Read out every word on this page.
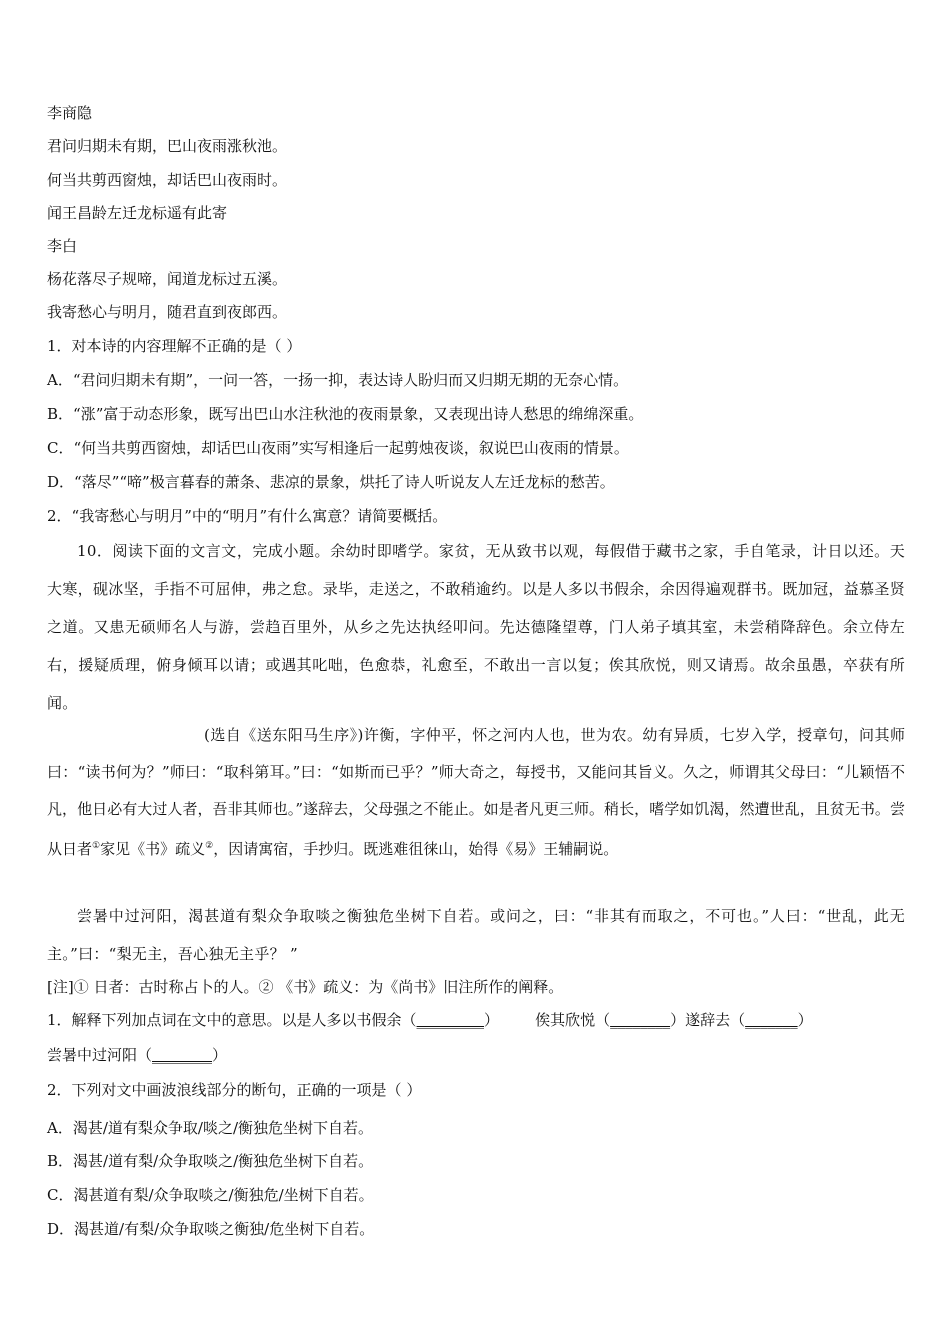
李商隐
君问归期未有期，巴山夜雨涨秋池。
何当共剪西窗烛，却话巴山夜雨时。
闻王昌龄左迁龙标遥有此寄
李白
杨花落尽子规啼，闻道龙标过五溪。
我寄愁心与明月，随君直到夜郎西。
1．对本诗的内容理解不正确的是（ ）
A．“君问归期未有期”，一问一答，一扬一抑，表达诗人盼归而又归期无期的无奈心情。
B．“涨”富于动态形象，既写出巴山水注秋池的夜雨景象，又表现出诗人愁思的绵绵深重。
C．“何当共剪西窗烛，却话巴山夜雨”实写相逢后一起剪烛夜谈，叙说巴山夜雨的情景。
D．“落尽”“啼”极言暮春的萧条、悲凉的景象，烘托了诗人听说友人左迁龙标的愁苦。
2．“我寄愁心与明月”中的“明月”有什么寓意？请简要概括。
10．阅读下面的文言文，完成小题。余幼时即嗜学。家贫，无从致书以观，每假借于藏书之家，手自笔录，计日以还。天大寒，砚冰坚，手指不可屈伸，弗之怠。录毕，走送之，不敢稍逾约。以是人多以书假余，余因得遍观群书。既加冠，益慕圣贤之道。又患无硕师名人与游，尝趋百里外，从乡之先达执经叩问。先达德隆望尊，门人弟子填其室，未尝稍降辞色。余立侍左右，援疑质理，俯身倾耳以请；或遇其叱咄，色愈恭，礼愈至，不敢出一言以复；俟其欣悦，则又请焉。故余虽愚，卒获有所闻。
(选自《送东阳马生序》)许衡，字仲平，怀之河内人也，世为农。幼有异质，七岁入学，授章句，问其师曰：“读书何为？”师曰：“取科第耳。”曰：“如斯而已乎？”师大奇之，每授书，又能问其旨义。久之，师谓其父母曰：“儿颖悟不凡，他日必有大过人者，吾非其师也。”遂辞去，父母强之不能止。如是者凡更三师。稍长，嗜学如饥渴，然遭世乱，且贫无书。尝从日者①家见《书》疏义②，因请寓宿，手抄归。既逃难徂徕山，始得《易》王辅嗣说。
尝暑中过河阳，渴甚道有梨众争取啖之衡独危坐树下自若。或问之，曰：“非其有而取之，不可也。”人曰：“世乱，此无主。”曰：“梨无主，吾心独无主乎？ ”
[注]① 日者：古时称占卜的人。② 《书》疏义：为《尚书》旧注所作的阐释。
1．解释下列加点词在文中的意思。以是人多以书假余（_________） 俟其欣悦（________）遂辞去（_______）
尝暑中过河阳（________）
2．下列对文中画波浪线部分的断句，正确的一项是（ ）
A．渴甚/道有梨众争取/啖之/衡独危坐树下自若。
B．渴甚/道有梨/众争取啖之/衡独危坐树下自若。
C．渴甚道有梨/众争取啖之/衡独危/坐树下自若。
D．渴甚道/有梨/众争取啖之衡独/危坐树下自若。
